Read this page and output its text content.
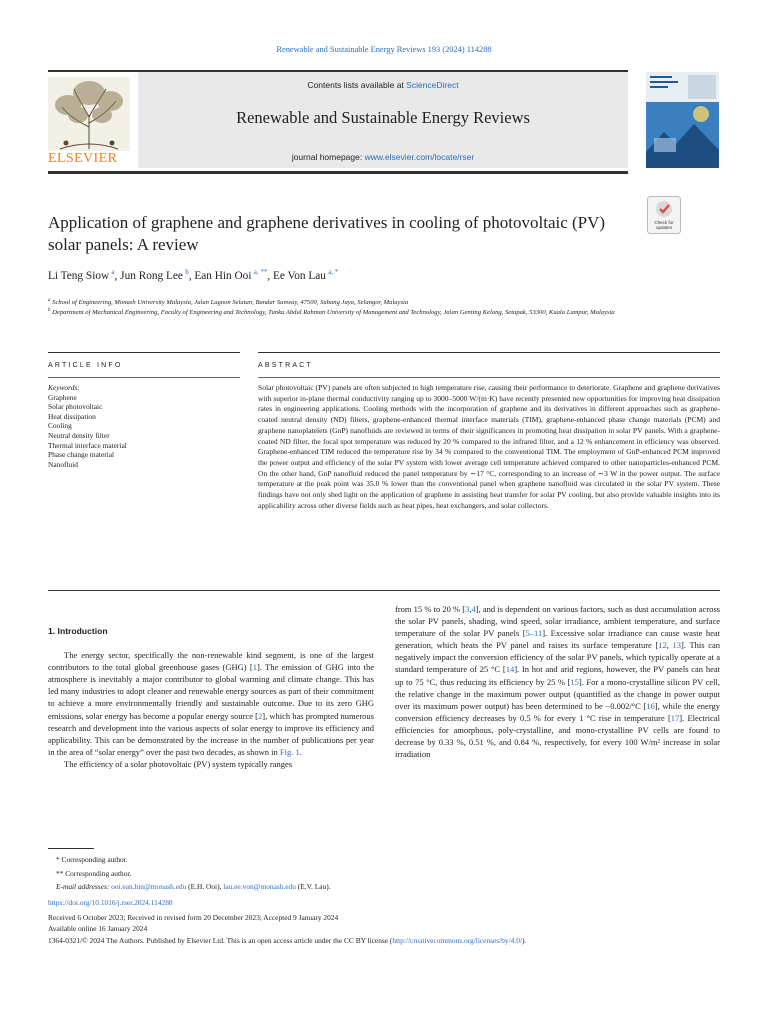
Renewable and Sustainable Energy Reviews 193 (2024) 114288
Contents lists available at ScienceDirect
Renewable and Sustainable Energy Reviews
journal homepage: www.elsevier.com/locate/rser
ELSEVIER
Application of graphene and graphene derivatives in cooling of photovoltaic (PV) solar panels: A review
Check for
updates
Li Teng Siow  $^a$, Jun Rong Lee  $^b$, Ean Hin Ooi  $^{a, **}$, Ee Von Lau  $^{a, *}$
$^a$ School of Engineering, Monash University Malaysia, Jalan Lagoon Selatan, Bandar Sunway, 47500, Subang Jaya, Selangor, Malaysia
$^b$ Department of Mechanical Engineering, Faculty of Engineering and Technology, Tunku Abdul Rahman University of Management and Technology, Jalan Genting Kelang, Setapak, 53300, Kuala Lumpur, Malaysia
ARTICLE INFO	ABSTRACT
Keywords:
Graphene
Solar photovoltaic
Heat dissipation
Cooling
Neutral density filter
Thermal interface material
Phase change material
Nanofluid
Solar photovoltaic (PV) panels are often subjected to high temperature rise, causing their performance to deteriorate. Graphene and graphene derivatives with superior in-plane thermal conductivity ranging up to 3000–5000 W/(m·K) have recently presented new opportunities for improving heat dissipation rates in engineering applications. Cooling methods with the incorporation of graphene and its derivatives in different approaches such as graphene-coated neutral density (ND) filters, graphene-enhanced thermal interface materials (TIM), graphene-enhanced phase change materials (PCM) and graphene nanoplatelets (GnP) nanofluids are reviewed in terms of their significances in promoting heat dissipation in solar PV panels. With a graphene-coated ND filter, the focal spot temperature was reduced by 20 % compared to the infrared filter, and a 12 % enhancement in efficiency was observed. Graphene-enhanced TIM reduced the temperature rise by 34 % compared to the conventional TIM. The employment of GnP-enhanced PCM improved the power output and efficiency of the solar PV system with lower average cell temperature achieved compared to other nanoparticles-enhanced PCM. On the other hand, GnP nanofluid reduced the panel temperature by ∼17 °C, corresponding to an increase of ∼3 W in the power output. The surface temperature at the peak point was 35.0 % lower than the conventional panel when graphene nanofluid was circulated in the solar PV system. These findings have not only shed light on the application of graphene in assisting heat transfer for solar PV cooling, but also provide valuable insights into its applicability across other diverse fields such as heat pipes, heat exchangers, and solar collectors.
1. Introduction

The energy sector, specifically the non-renewable kind segment, is one of the largest contributors to the total global greenhouse gases (GHG) [1]. The emission of GHG into the atmosphere is inevitably a major contributor to global warming and climate change. This has led many industries to adopt cleaner and renewable energy sources as part of their commitment to achieve a more environmentally friendly and sustainable outcome. Due to its zero GHG emissions, solar energy has become a popular energy source [2], which has prompted numerous research and development into the various aspects of solar energy to improve its efficiency and applicability. This can be demonstrated by the increase in the number of publications per year in the area of “solar energy” over the past two decades, as shown in Fig. 1.

The efficiency of a solar photovoltaic (PV) system typically ranges

from 15 % to 20 % [3,4], and is dependent on various factors, such as dust accumulation across the solar PV panels, shading, wind speed, solar irradiance, ambient temperature, and surface temperature of the solar PV panels [5–11]. Excessive solar irradiance can cause waste heat generation, which heats the PV panel and raises its surface temperature [12, 13]. This can negatively impact the conversion efficiency of the solar PV panels, which typically operate at a standard temperature of 25 °C [14]. In hot and arid regions, however, the PV panels can heat up to 75 °C, thus reducing its efficiency by 25 % [15]. For a mono-crystalline silicon PV cell, the relative change in the maximum power output (quantified as the change in power output over its maximum power output) has been determined to be −0.002/°C [16], while the energy conversion efficiency decreases by 0.5 % for every 1 °C rise in temperature [17]. Electrical efficiencies for amorphous, poly-crystalline, and mono-crystalline PV cells are found to decrease by 0.33 %, 0.51 %, and 0.84 %, respectively, for every 100 W/m² increase in solar irradiation

* Corresponding author.
** Corresponding author.
E-mail addresses: ooi.ean.hin@monash.edu (E.H. Ooi), lau.ee.von@monash.edu (E.V. Lau).
https://doi.org/10.1016/j.rser.2024.114288
Received 6 October 2023; Received in revised form 20 December 2023; Accepted 9 January 2024
Available online 16 January 2024
1364-0321/© 2024 The Authors. Published by Elsevier Ltd. This is an open access article under the CC BY license (http://creativecommons.org/licenses/by/4.0/).
